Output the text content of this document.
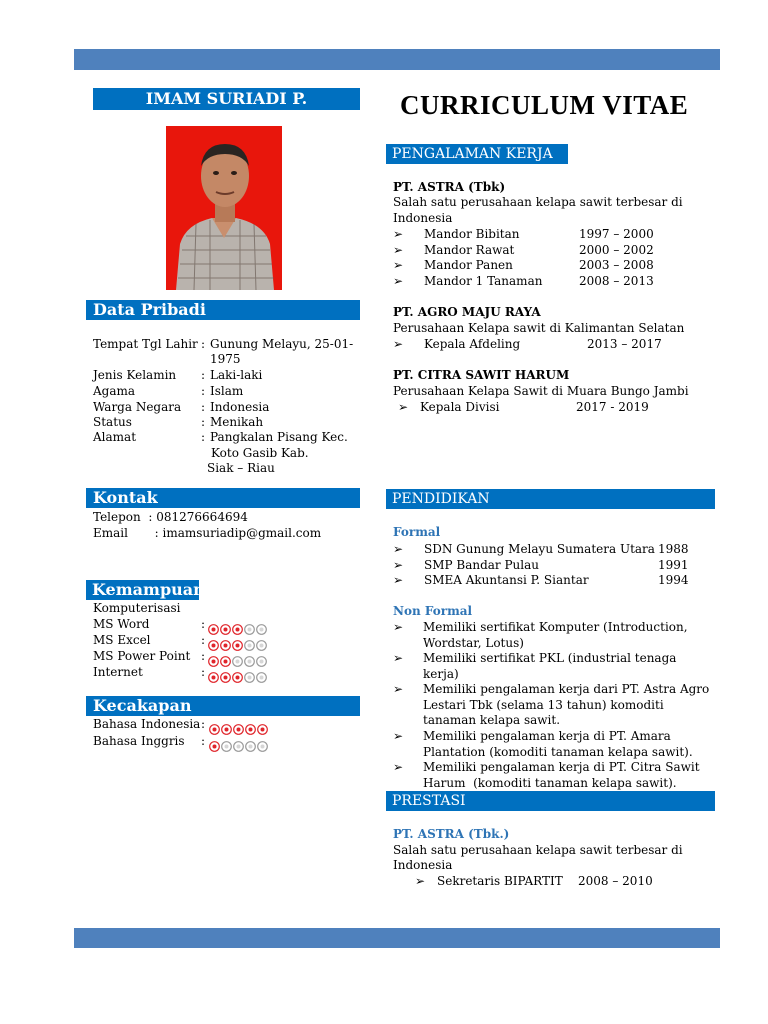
IMAM SURIADI P.	CURRICULUM VITAE
Data Pribadi
Tempat Tgl Lahir : Gunung Melayu, 25-01-
1975
Jenis Kelamin : Laki-laki
Agama	: Islam
Warga Negara : Indonesia
Status	: Menikah
Alamat	: Pangkalan Pisang Kec.
Koto Gasib Kab.
Siak – Riau
Kontak
Telepon  : 081276664694
Email       : imamsuriadip@gmail.com
Kemampuan
Komputerisasi
MS Word	:
MS Excel	:
MS Power Point :
Internet	:
Kecakapan
Bahasa Indonesia :
Bahasa Inggris :
PENGALAMAN KERJA
PT. ASTRA (Tbk)
Salah satu perusahaan kelapa sawit terbesar di
Indonesia
➢ Mandor Bibitan	1997 – 2000
➢ Mandor Rawat	2000 – 2002
➢ Mandor Panen	2003 – 2008
➢ Mandor 1 Tanaman	2008 – 2013
PT. AGRO MAJU RAYA
Perusahaan Kelapa sawit di Kalimantan Selatan
➢ Kepala Afdeling	2013 – 2017
PT. CITRA SAWIT HARUM
Perusahaan Kelapa Sawit di Muara Bungo Jambi
➢ Kepala Divisi	2017 - 2019
PENDIDIKAN
Formal
➢ SDN Gunung Melayu Sumatera Utara 1988
➢ SMP Bandar Pulau	1991
➢ SMEA Akuntansi P. Siantar	1994
Non Formal
➢ Memiliki sertifikat Komputer (Introduction,
Wordstar, Lotus)
➢ Memiliki sertifikat PKL (industrial tenaga
kerja)
➢ Memiliki pengalaman kerja dari PT. Astra Agro
Lestari Tbk (selama 13 tahun) komoditi
tanaman kelapa sawit.
➢ Memiliki pengalaman kerja di PT. Amara
Plantation (komoditi tanaman kelapa sawit).
➢ Memiliki pengalaman kerja di PT. Citra Sawit
Harum  (komoditi tanaman kelapa sawit).
PRESTASI
PT. ASTRA (Tbk.)
Salah satu perusahaan kelapa sawit terbesar di
Indonesia
➢ Sekretaris BIPARTIT 2008 – 2010
